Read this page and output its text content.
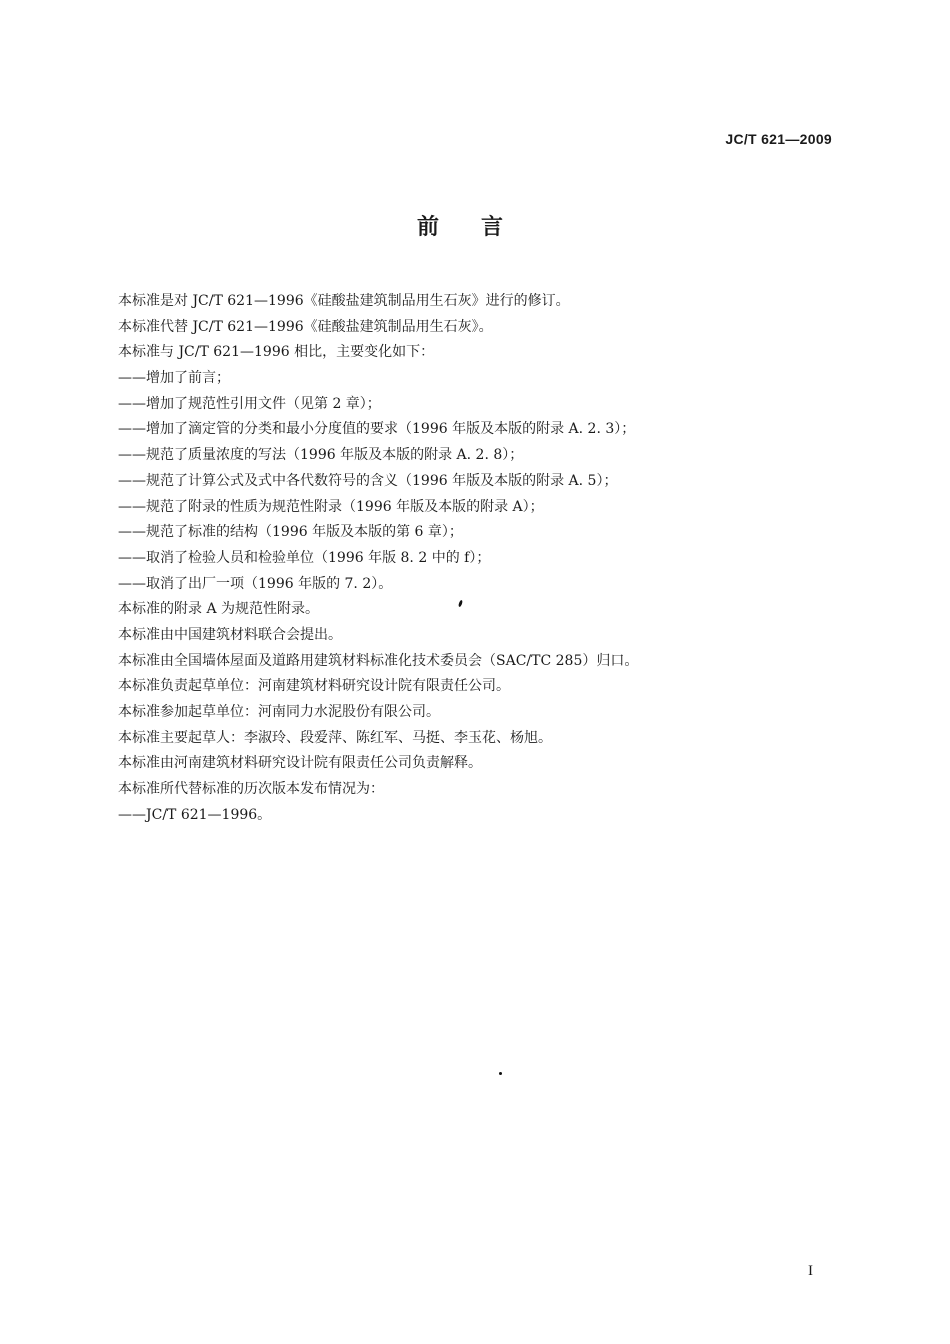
JC/T 621—2009
前言
本标准是对 JC/T 621—1996《硅酸盐建筑制品用生石灰》进行的修订。
本标准代替 JC/T 621—1996《硅酸盐建筑制品用生石灰》。
本标准与 JC/T 621—1996 相比，主要变化如下：
——增加了前言；
——增加了规范性引用文件（见第 2 章）；
——增加了滴定管的分类和最小分度值的要求（1996 年版及本版的附录 A. 2. 3）；
——规范了质量浓度的写法（1996 年版及本版的附录 A. 2. 8）；
——规范了计算公式及式中各代数符号的含义（1996 年版及本版的附录 A. 5）；
——规范了附录的性质为规范性附录（1996 年版及本版的附录 A）；
——规范了标准的结构（1996 年版及本版的第 6 章）；
——取消了检验人员和检验单位（1996 年版 8. 2 中的 f）；
——取消了出厂一项（1996 年版的 7. 2）。
本标准的附录 A 为规范性附录。
本标准由中国建筑材料联合会提出。
本标准由全国墙体屋面及道路用建筑材料标准化技术委员会（SAC/TC 285）归口。
本标准负责起草单位：河南建筑材料研究设计院有限责任公司。
本标准参加起草单位：河南同力水泥股份有限公司。
本标准主要起草人：李淑玲、段爱萍、陈红军、马挺、李玉花、杨旭。
本标准由河南建筑材料研究设计院有限责任公司负责解释。
本标准所代替标准的历次版本发布情况为：
——JC/T 621—1996。
I
